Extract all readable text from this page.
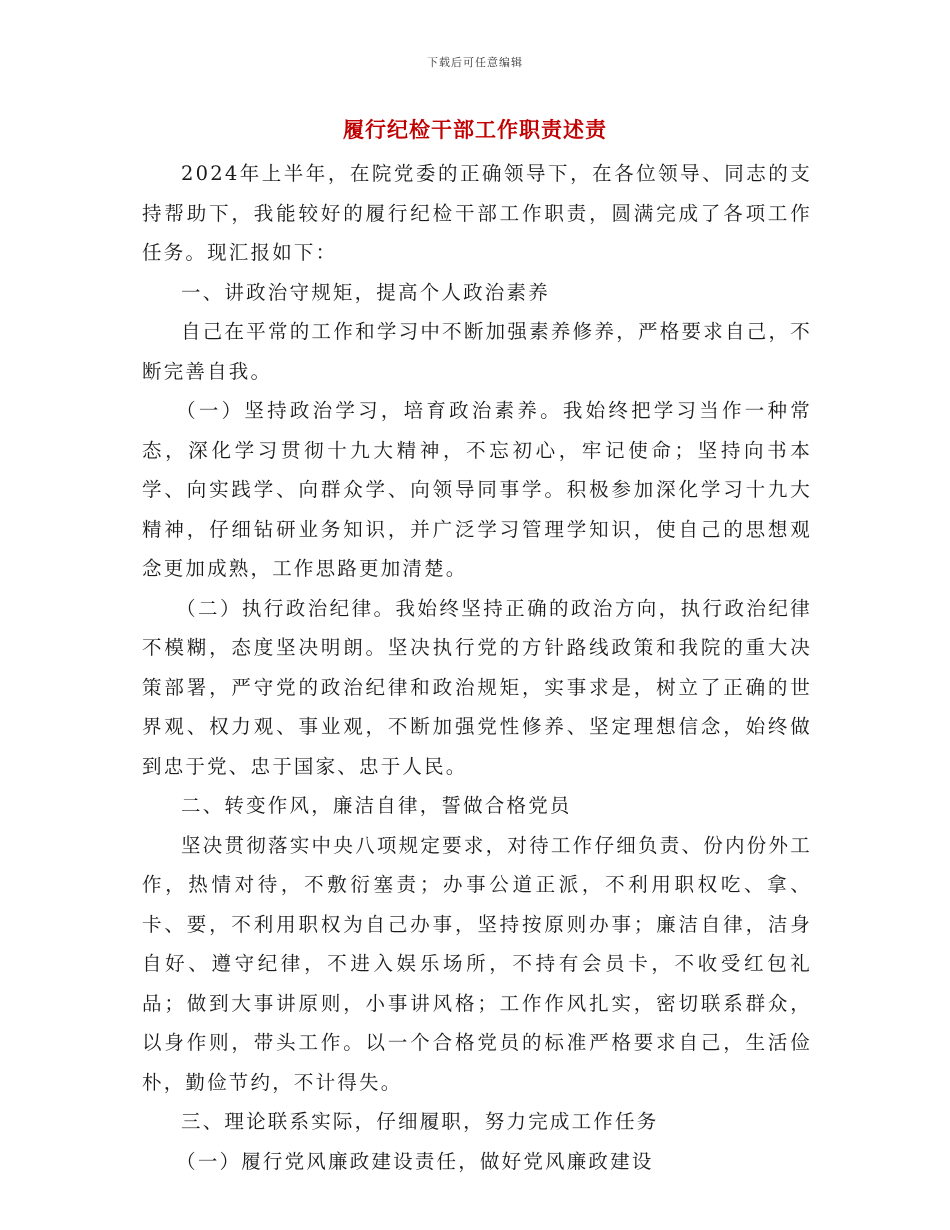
下载后可任意编辑
履行纪检干部工作职责述责

2024年上半年，在院党委的正确领导下，在各位领导、同志的支持帮助下，我能较好的履行纪检干部工作职责，圆满完成了各项工作任务。现汇报如下：

一、讲政治守规矩，提高个人政治素养

自己在平常的工作和学习中不断加强素养修养，严格要求自己，不断完善自我。

（一）坚持政治学习，培育政治素养。我始终把学习当作一种常态，深化学习贯彻十九大精神，不忘初心，牢记使命；坚持向书本学、向实践学、向群众学、向领导同事学。积极参加深化学习十九大精神，仔细钻研业务知识，并广泛学习管理学知识，使自己的思想观念更加成熟，工作思路更加清楚。

（二）执行政治纪律。我始终坚持正确的政治方向，执行政治纪律不模糊，态度坚决明朗。坚决执行党的方针路线政策和我院的重大决策部署，严守党的政治纪律和政治规矩，实事求是，树立了正确的世界观、权力观、事业观，不断加强党性修养、坚定理想信念，始终做到忠于党、忠于国家、忠于人民。

二、转变作风，廉洁自律，誓做合格党员

坚决贯彻落实中央八项规定要求，对待工作仔细负责、份内份外工作，热情对待，不敷衍塞责；办事公道正派，不利用职权吃、拿、卡、要，不利用职权为自己办事，坚持按原则办事；廉洁自律，洁身自好、遵守纪律，不进入娱乐场所，不持有会员卡，不收受红包礼品；做到大事讲原则，小事讲风格；工作作风扎实，密切联系群众，以身作则，带头工作。以一个合格党员的标准严格要求自己，生活俭朴，勤俭节约，不计得失。

三、理论联系实际，仔细履职，努力完成工作任务

（一）履行党风廉政建设责任，做好党风廉政建设
